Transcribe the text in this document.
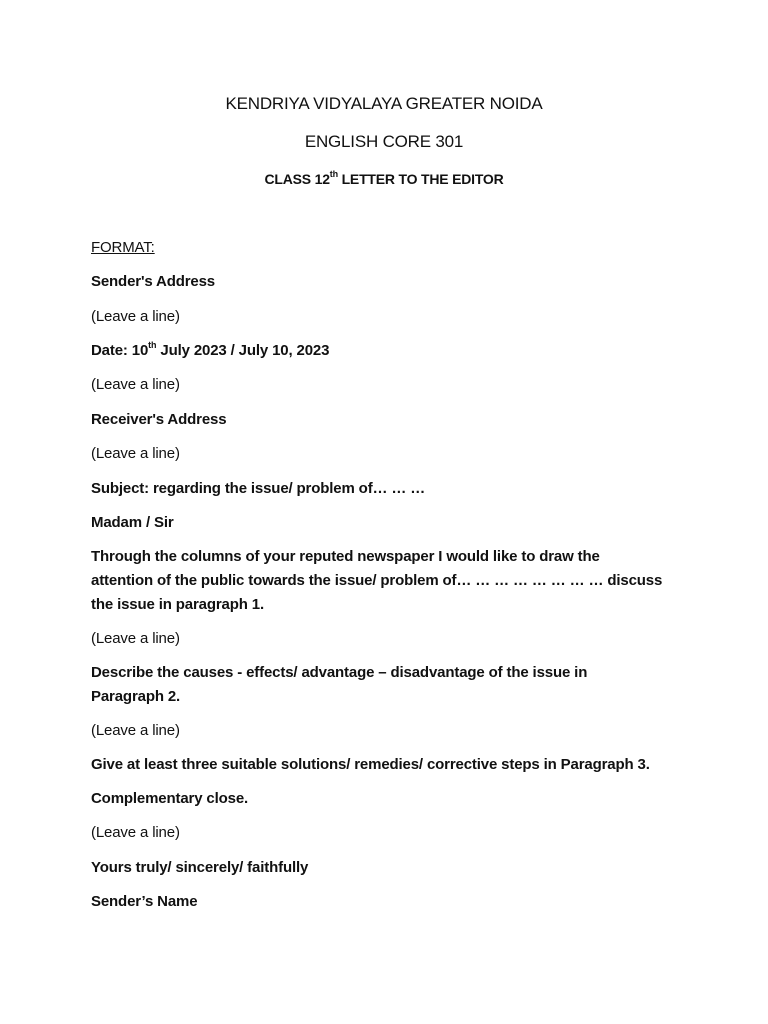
KENDRIYA VIDYALAYA GREATER NOIDA
ENGLISH CORE 301
CLASS 12th LETTER TO THE EDITOR

FORMAT:

Sender's Address

(Leave a line)

Date: 10th July 2023 / July 10, 2023

(Leave a line)

Receiver's Address

(Leave a line)

Subject: regarding the issue/ problem of… … …

Madam / Sir

Through the columns of your reputed newspaper I would like to draw the

attention of the public towards the issue/ problem of… … … … … … … … discuss

the issue in paragraph 1.

(Leave a line)

Describe the causes - effects/ advantage – disadvantage of the issue in

Paragraph 2.

(Leave a line)

Give at least three suitable solutions/ remedies/ corrective steps in Paragraph 3.

Complementary close.

(Leave a line)

Yours truly/ sincerely/ faithfully

Sender’s Name
